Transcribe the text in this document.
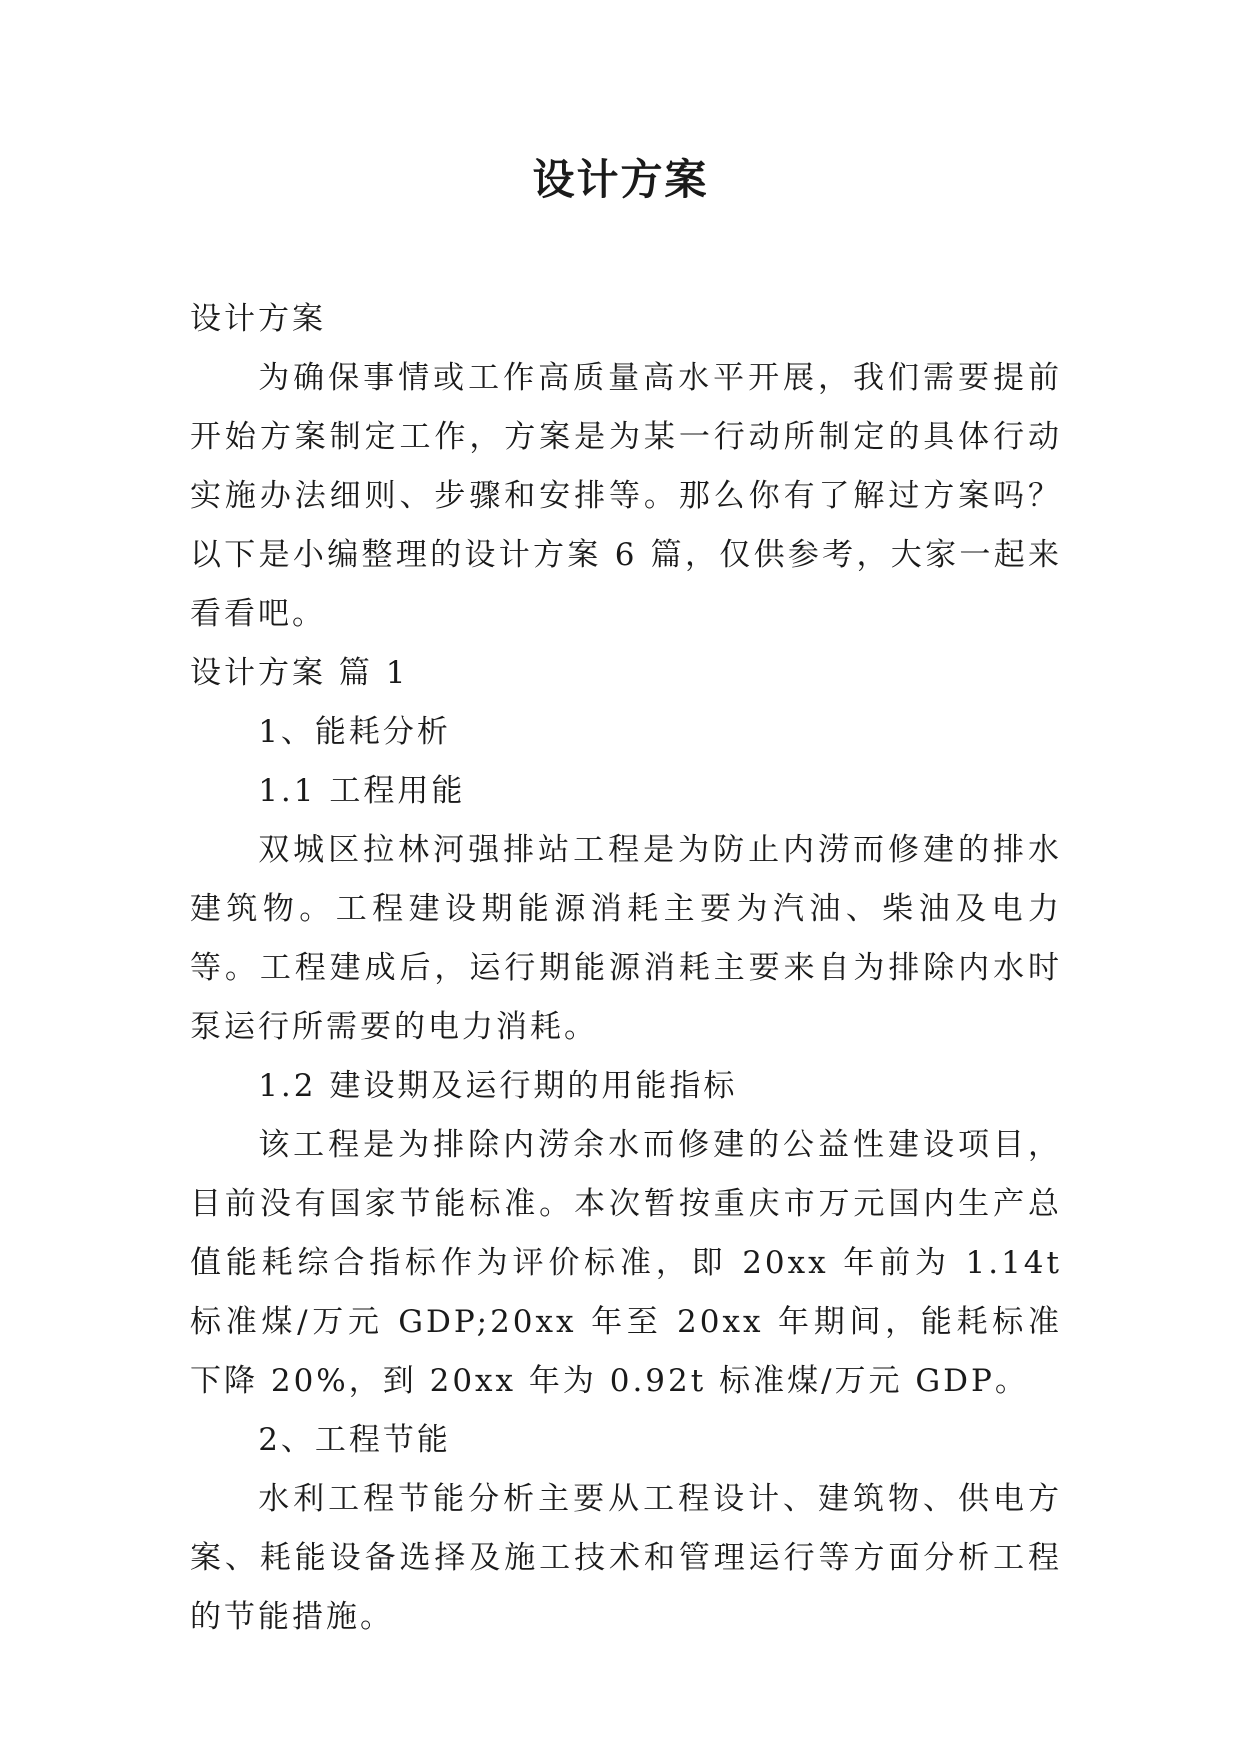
设计方案

设计方案

为确保事情或工作高质量高水平开展，我们需要提前开始方案制定工作，方案是为某一行动所制定的具体行动实施办法细则、步骤和安排等。那么你有了解过方案吗？以下是小编整理的设计方案 6 篇，仅供参考，大家一起来看看吧。

设计方案 篇 1

1、能耗分析

1.1 工程用能

双城区拉林河强排站工程是为防止内涝而修建的排水建筑物。工程建设期能源消耗主要为汽油、柴油及电力等。工程建成后，运行期能源消耗主要来自为排除内水时泵运行所需要的电力消耗。

1.2 建设期及运行期的用能指标

该工程是为排除内涝余水而修建的公益性建设项目，目前没有国家节能标准。本次暂按重庆市万元国内生产总值能耗综合指标作为评价标准，即 20xx 年前为 1.14t 标准煤/万元 GDP;20xx 年至 20xx 年期间，能耗标准下降 20%，到 20xx 年为 0.92t 标准煤/万元 GDP。

2、工程节能

水利工程节能分析主要从工程设计、建筑物、供电方案、耗能设备选择及施工技术和管理运行等方面分析工程的节能措施。
